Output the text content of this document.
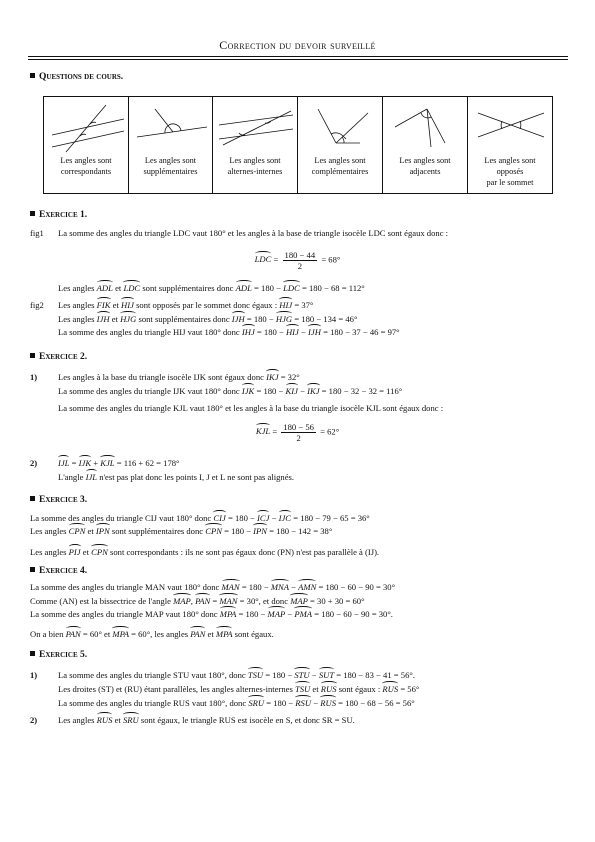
Correction du devoir surveillé
Questions de cours.
Les angles sont
correspondants
Les angles sont
supplémentaires
Les angles sont
alternes-internes
Les angles sont
complémentaires
Les angles sont
adjacents
Les angles sont
opposés
par le sommet
Exercice 1.
fig1 La somme des angles du triangle LDC vaut 180° et les angles à la base de triangle isocèle LDC sont égaux donc :
LDC = $\frac{180 - 44}{2} = 68^\circ$
Les angles ADL et LDC sont supplémentaires donc ADL = 180 − LDC = 180 − 68 = 112°
fig2 Les angles FIK et HIJ sont opposés par le sommet donc égaux : HIJ = 37°
Les angles IJH et HJG sont supplémentaires donc IJH = 180 − HJG = 180 − 134 = 46°
La somme des angles du triangle HIJ vaut 180° donc IHJ = 180 − HIJ − IJH = 180 − 37 − 46 = 97°
Exercice 2.
1) Les angles à la base du triangle isocèle IJK sont égaux donc IKJ = 32°
La somme des angles du triangle IJK vaut 180° donc IJK = 180 − KIJ − IKJ = 180 − 32 − 32 = 116°
La somme des angles du triangle KJL vaut 180° et les angles à la base du triangle isocèle KJL sont égaux donc :
KJL = $\frac{180 - 56}{2} = 62^\circ$
2) IJL = IJK + KJL = 116 + 62 = 178°
L'angle IJL n'est pas plat donc les points I, J et L ne sont pas alignés.
Exercice 3.
La somme des angles du triangle CIJ vaut 180° donc CIJ = 180 − ICJ − IJC = 180 − 79 − 65 = 36°
Les angles CPN et IPN sont supplémentaires donc CPN = 180 − IPN = 180 − 142 = 38°
Les angles PIJ et CPN sont correspondants : ils ne sont pas égaux donc (PN) n'est pas parallèle à (IJ).
Exercice 4.
La somme des angles du triangle MAN vaut 180° donc MAN = 180 − MNA − AMN = 180 − 60 − 90 = 30°
Comme (AN) est la bissectrice de l'angle MAP, PAN = MAN = 30°, et donc MAP = 30 + 30 = 60°
La somme des angles du triangle MAP vaut 180° donc MPA = 180 − MAP − PMA = 180 − 60 − 90 = 30°.
On a bien PAN = 60° et MPA = 60°, les angles PAN et MPA sont égaux.
Exercice 5.
1) La somme des angles du triangle STU vaut 180°, donc TSU = 180 − STU − SUT = 180 − 83 − 41 = 56°.
Les droites (ST) et (RU) étant parallèles, les angles alternes-internes TSU et RUS sont égaux : RUS = 56°
La somme des angles du triangle RUS vaut 180°, donc SRU = 180 − RSU − RUS = 180 − 68 − 56 = 56°
2) Les angles RUS et SRU sont égaux, le triangle RUS est isocèle en S, et donc SR = SU.
